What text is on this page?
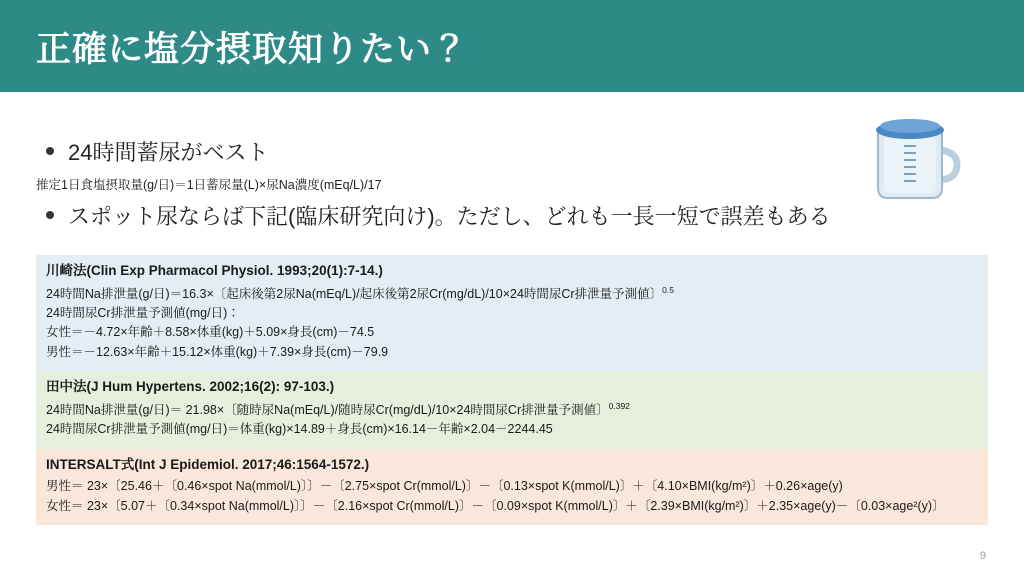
正確に塩分摂取知りたい？
24時間蓄尿がベスト
推定1日食塩摂取量(g/日)＝1日蓄尿量(L)×尿Na濃度(mEq/L)/17
スポット尿ならば下記(臨床研究向け)。ただし、どれも一長一短で誤差もある
川崎法(Clin Exp Pharmacol Physiol. 1993;20(1):7-14.)
24時間Na排泄量(g/日)＝16.3×〔起床後第2尿Na(mEq/L)/起床後第2尿Cr(mg/dL)/10×24時間尿Cr排泄量予測値〕$^{0.5}$
24時間尿Cr排泄量予測値(mg/日)：
女性＝－4.72×年齢＋8.58×体重(kg)＋5.09×身長(cm)－74.5
男性＝－12.63×年齢＋15.12×体重(kg)＋7.39×身長(cm)－79.9
田中法(J Hum Hypertens. 2002;16(2): 97-103.)
24時間Na排泄量(g/日)＝ 21.98×〔随時尿Na(mEq/L)/随時尿Cr(mg/dL)/10×24時間尿Cr排泄量予測値〕$^{0.392}$
24時間尿Cr排泄量予測値(mg/日)＝体重(kg)×14.89＋身長(cm)×16.14－年齢×2.04－2244.45
INTERSALT式(Int J Epidemiol. 2017;46:1564-1572.)
男性＝ 23×〔25.46＋〔0.46×spot Na(mmol/L)〕〕－〔2.75×spot Cr(mmol/L)〕－〔0.13×spot K(mmol/L)〕＋〔4.10×BMI(kg/m²)〕＋0.26×age(y)
女性＝ 23×〔5.07＋〔0.34×spot Na(mmol/L)〕〕－〔2.16×spot Cr(mmol/L)〕－〔0.09×spot K(mmol/L)〕＋〔2.39×BMI(kg/m²)〕＋2.35×age(y)－〔0.03×age²(y)〕
9
